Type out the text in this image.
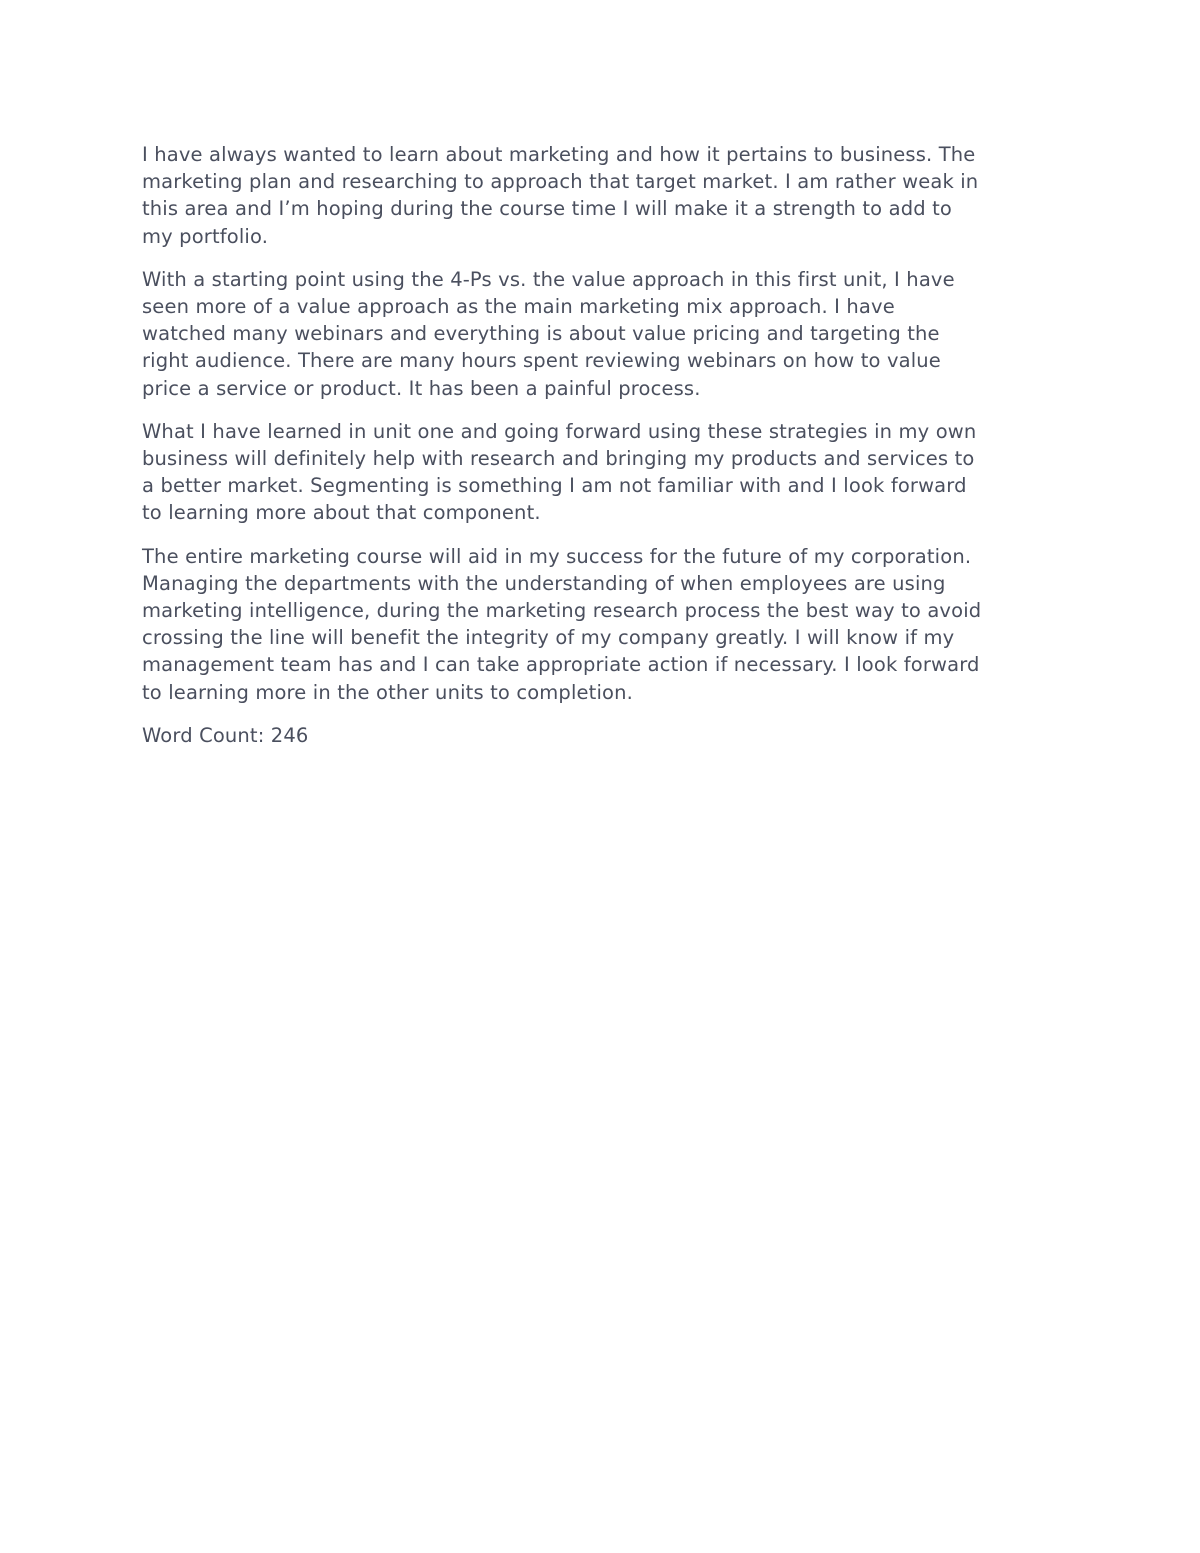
I have always wanted to learn about marketing and how it pertains to business. The
marketing plan and researching to approach that target market. I am rather weak in
this area and I’m hoping during the course time I will make it a strength to add to
my portfolio.

With a starting point using the 4-Ps vs. the value approach in this first unit, I have
seen more of a value approach as the main marketing mix approach. I have
watched many webinars and everything is about value pricing and targeting the
right audience. There are many hours spent reviewing webinars on how to value
price a service or product. It has been a painful process.

What I have learned in unit one and going forward using these strategies in my own
business will definitely help with research and bringing my products and services to
a better market. Segmenting is something I am not familiar with and I look forward
to learning more about that component.

The entire marketing course will aid in my success for the future of my corporation.
Managing the departments with the understanding of when employees are using
marketing intelligence, during the marketing research process the best way to avoid
crossing the line will benefit the integrity of my company greatly. I will know if my
management team has and I can take appropriate action if necessary. I look forward
to learning more in the other units to completion.

Word Count: 246
